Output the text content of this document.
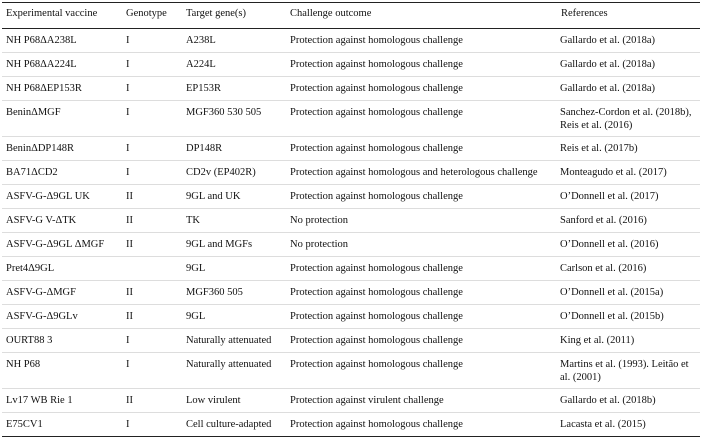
Experimental vaccine	Genotype	Target gene(s)	Challenge outcome	References
NH P68ΔA238L	I	A238L	Protection against homologous challenge	Gallardo et al. (2018a)

NH P68ΔA224L	I	A224L	Protection against homologous challenge	Gallardo et al. (2018a)

NH P68ΔEP153R	I	EP153R	Protection against homologous challenge	Gallardo et al. (2018a)

BeninΔMGF	I	MGF360 530 505	Protection against homologous challenge	Sanchez-Cordon et al. (2018b),
Reis et al. (2016)

BeninΔDP148R	I	DP148R	Protection against homologous challenge	Reis et al. (2017b)

BA71ΔCD2	I	CD2v (EP402R)	Protection against homologous and heterologous challenge	Monteagudo et al. (2017)

ASFV-G-Δ9GL UK	II	9GL and UK	Protection against homologous challenge	O’Donnell et al. (2017)

ASFV-G V-ΔTK	II	TK	No protection	Sanford et al. (2016)

ASFV-G-Δ9GL ΔMGF	II	9GL and MGFs	No protection	O’Donnell et al. (2016)

Pret4Δ9GL		9GL	Protection against homologous challenge	Carlson et al. (2016)

ASFV-G-ΔMGF	II	MGF360 505	Protection against homologous challenge	O’Donnell et al. (2015a)

ASFV-G-Δ9GLv	II	9GL	Protection against homologous challenge	O’Donnell et al. (2015b)

OURT88 3	I	Naturally attenuated	Protection against homologous challenge	King et al. (2011)

NH P68	I	Naturally attenuated	Protection against homologous challenge	Martins et al. (1993). Leitão et
al. (2001)

Lv17 WB Rie 1	II	Low virulent	Protection against virulent challenge	Gallardo et al. (2018b)

E75CV1	I	Cell culture-adapted	Protection against homologous challenge	Lacasta et al. (2015)
